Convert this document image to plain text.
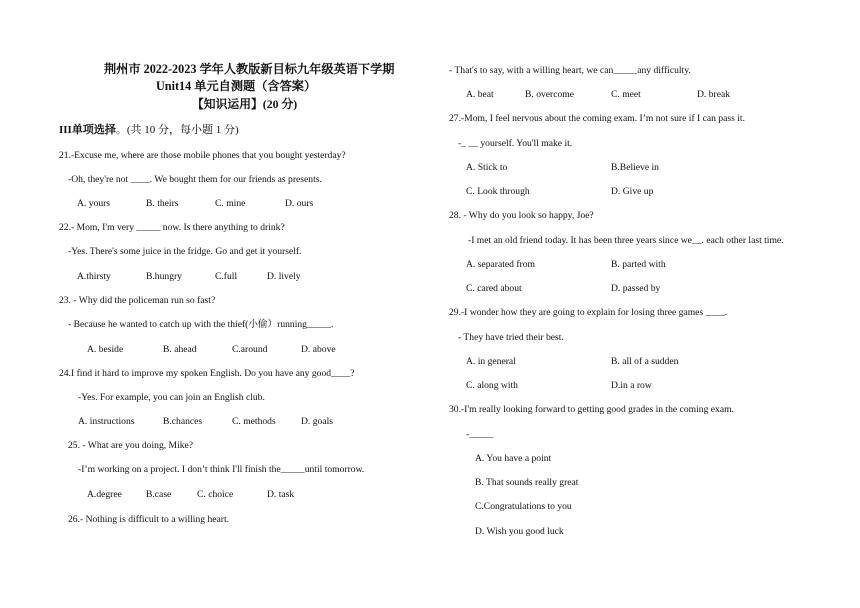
荆州市 2022-2023 学年人教版新目标九年级英语下学期
Unit14 单元自测题（含答案）
【知识运用】(20 分)
III单项选择。(共 10 分，每小题 1 分)
21.-Excuse me, where are those mobile phones that you bought yesterday?
-Oh, they're not ____. We bought them for our friends as presents.
A. yours	B. theirs	C. mine	D. ours
22.- Mom, I'm very _____ now. Is there anything to drink?
-Yes. There's some juice in the fridge. Go and get it yourself.
A.thirsty	B.hungry	C.full	D. lively
23. - Why did the policeman run so fast?
- Because he wanted to catch up with the thief(小偷）running_____.
A. beside	B. ahead	C.around	D. above
24.I find it hard to improve my spoken English. Do you have any good____?
-Yes. For example, you can join an English club.
A. instructions	B.chances	C. methods	D. goals
25. - What are you doing, Mike?
-I’m working on a project. I don’t think I'll finish the_____until tomorrow.
A.degree	B.case	C. choice	D. task
26.- Nothing is difficult to a willing heart.
- That's to say, with a willing heart, we can_____any difficulty.
A. beat	B. overcome	C. meet	D. break
27.-Mom, I feel nervous about the coming exam. I’m not sure if I can pass it.
-_ __ yourself. You'll make it.
A. Stick to	B.Believe in
C. Look through	D. Give up
28. - Why do you look so happy, Joe?
-I met an old friend today. It has been three years since we__. each other last time.
A. separated from	B. parted with
C. cared about	D. passed by
29.-I wonder how they are going to explain for losing three games ____.
- They have tried their best.
A. in general	B. all of a sudden
C. along with	D.in a row
30.-I'm really looking forward to getting good grades in the coming exam.
-_____
A. You have a point
B. That sounds really great
C.Congratulations to you
D. Wish you good luck
